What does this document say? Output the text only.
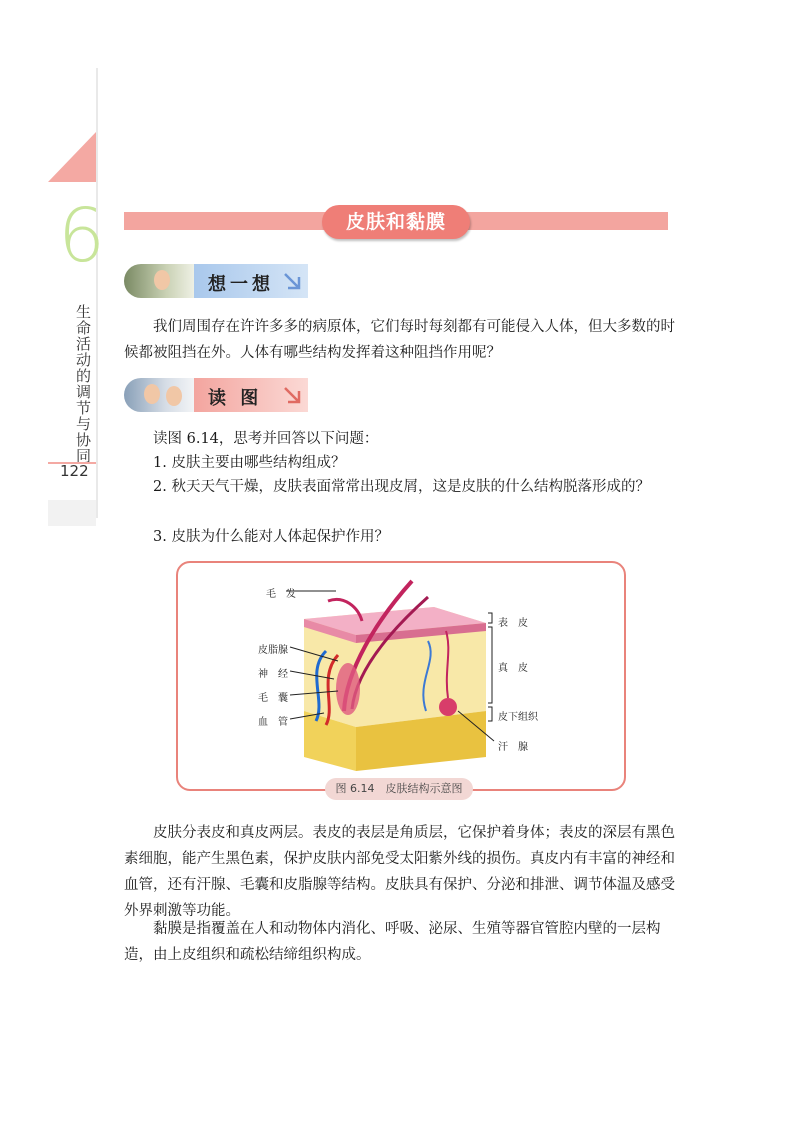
6
生命活动的调节与协同
122
皮肤和黏膜
想一想
我们周围存在许许多多的病原体，它们每时每刻都有可能侵入人体，但大多数的时候都被阻挡在外。人体有哪些结构发挥着这种阻挡作用呢？
读 图
读图 6.14，思考并回答以下问题：
1. 皮肤主要由哪些结构组成？
2. 秋天天气干燥，皮肤表面常常出现皮屑，这是皮肤的什么结构脱落形成的？
3. 皮肤为什么能对人体起保护作用？
毛　发
皮脂腺
神　经
毛　囊
血　管
表　皮
真　皮
皮下组织
汗　腺
图 6.14　皮肤结构示意图
皮肤分表皮和真皮两层。表皮的表层是角质层，它保护着身体；表皮的深层有黑色素细胞，能产生黑色素，保护皮肤内部免受太阳紫外线的损伤。真皮内有丰富的神经和血管，还有汗腺、毛囊和皮脂腺等结构。皮肤具有保护、分泌和排泄、调节体温及感受外界刺激等功能。
黏膜是指覆盖在人和动物体内消化、呼吸、泌尿、生殖等器官管腔内壁的一层构造，由上皮组织和疏松结缔组织构成。
